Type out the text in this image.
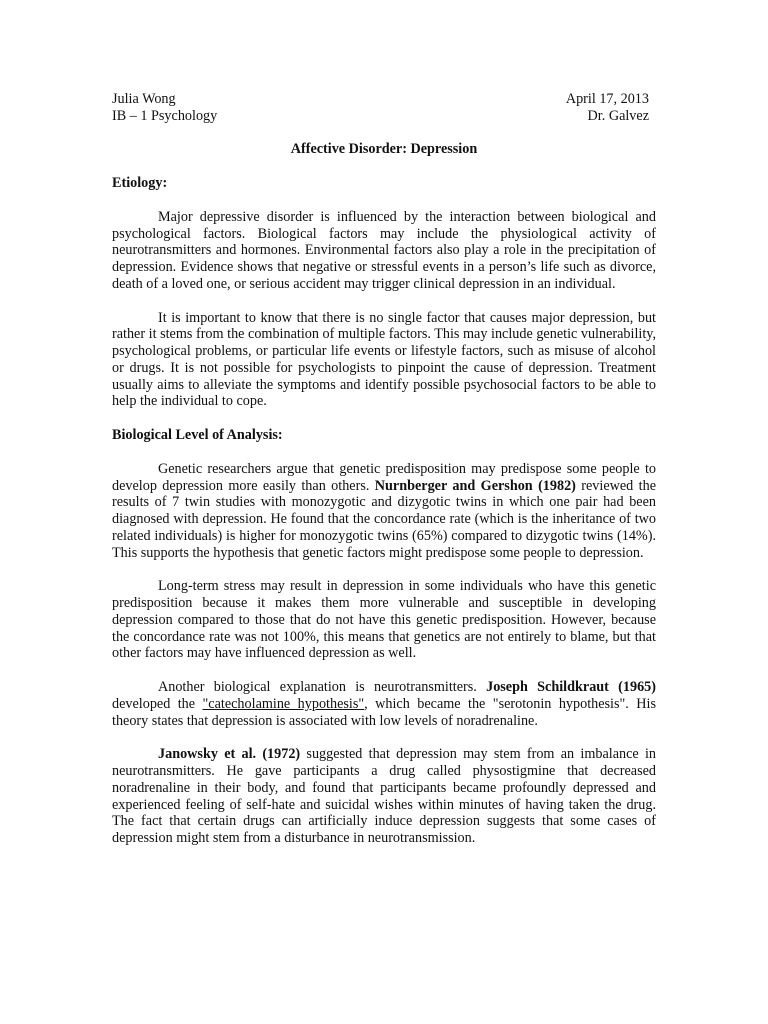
Julia Wong
IB – 1 Psychology
April 17, 2013
Dr. Galvez
Affective Disorder: Depression
Etiology:

Major depressive disorder is influenced by the interaction between biological and psychological factors. Biological factors may include the physiological activity of neurotransmitters and hormones. Environmental factors also play a role in the precipitation of depression. Evidence shows that negative or stressful events in a person’s life such as divorce, death of a loved one, or serious accident may trigger clinical depression in an individual.

It is important to know that there is no single factor that causes major depression, but rather it stems from the combination of multiple factors. This may include genetic vulnerability, psychological problems, or particular life events or lifestyle factors, such as misuse of alcohol or drugs. It is not possible for psychologists to pinpoint the cause of depression. Treatment usually aims to alleviate the symptoms and identify possible psychosocial factors to be able to help the individual to cope.

Biological Level of Analysis:

Genetic researchers argue that genetic predisposition may predispose some people to develop depression more easily than others. Nurnberger and Gershon (1982) reviewed the results of 7 twin studies with monozygotic and dizygotic twins in which one pair had been diagnosed with depression. He found that the concordance rate (which is the inheritance of two related individuals) is higher for monozygotic twins (65%) compared to dizygotic twins (14%). This supports the hypothesis that genetic factors might predispose some people to depression.

Long-term stress may result in depression in some individuals who have this genetic predisposition because it makes them more vulnerable and susceptible in developing depression compared to those that do not have this genetic predisposition. However, because the concordance rate was not 100%, this means that genetics are not entirely to blame, but that other factors may have influenced depression as well.

Another biological explanation is neurotransmitters. Joseph Schildkraut (1965) developed the "catecholamine hypothesis", which became the "serotonin hypothesis". His theory states that depression is associated with low levels of noradrenaline.

Janowsky et al. (1972) suggested that depression may stem from an imbalance in neurotransmitters. He gave participants a drug called physostigmine that decreased noradrenaline in their body, and found that participants became profoundly depressed and experienced feeling of self-hate and suicidal wishes within minutes of having taken the drug. The fact that certain drugs can artificially induce depression suggests that some cases of depression might stem from a disturbance in neurotransmission.
